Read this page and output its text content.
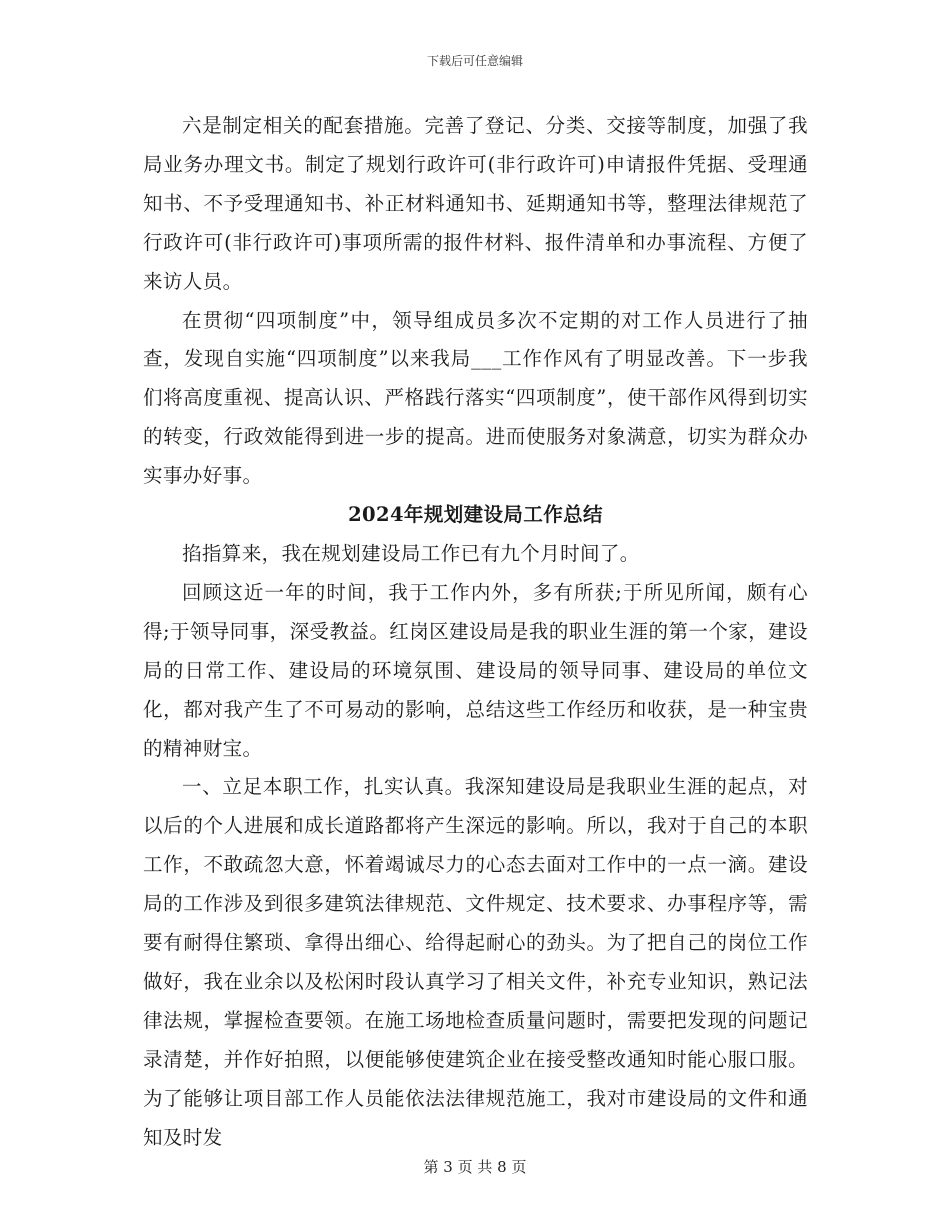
下载后可任意编辑

六是制定相关的配套措施。完善了登记、分类、交接等制度，加强了我局业务办理文书。制定了规划行政许可(非行政许可)申请报件凭据、受理通知书、不予受理通知书、补正材料通知书、延期通知书等，整理法律规范了行政许可(非行政许可)事项所需的报件材料、报件清单和办事流程、方便了来访人员。

在贯彻“四项制度”中，领导组成员多次不定期的对工作人员进行了抽查，发现自实施“四项制度”以来我局___工作作风有了明显改善。下一步我们将高度重视、提高认识、严格践行落实“四项制度”，使干部作风得到切实的转变，行政效能得到进一步的提高。进而使服务对象满意，切实为群众办实事办好事。

2024年规划建设局工作总结

掐指算来，我在规划建设局工作已有九个月时间了。

回顾这近一年的时间，我于工作内外，多有所获;于所见所闻，颇有心得;于领导同事，深受教益。红岗区建设局是我的职业生涯的第一个家，建设局的日常工作、建设局的环境氛围、建设局的领导同事、建设局的单位文化，都对我产生了不可易动的影响，总结这些工作经历和收获，是一种宝贵的精神财宝。

一、立足本职工作，扎实认真。我深知建设局是我职业生涯的起点，对以后的个人进展和成长道路都将产生深远的影响。所以，我对于自己的本职工作，不敢疏忽大意，怀着竭诚尽力的心态去面对工作中的一点一滴。建设局的工作涉及到很多建筑法律规范、文件规定、技术要求、办事程序等，需要有耐得住繁琐、拿得出细心、给得起耐心的劲头。为了把自己的岗位工作做好，我在业余以及松闲时段认真学习了相关文件，补充专业知识，熟记法律法规，掌握检查要领。在施工场地检查质量问题时，需要把发现的问题记录清楚，并作好拍照，以便能够使建筑企业在接受整改通知时能心服口服。为了能够让项目部工作人员能依法法律规范施工，我对市建设局的文件和通知及时发

第 3 页 共 8 页
